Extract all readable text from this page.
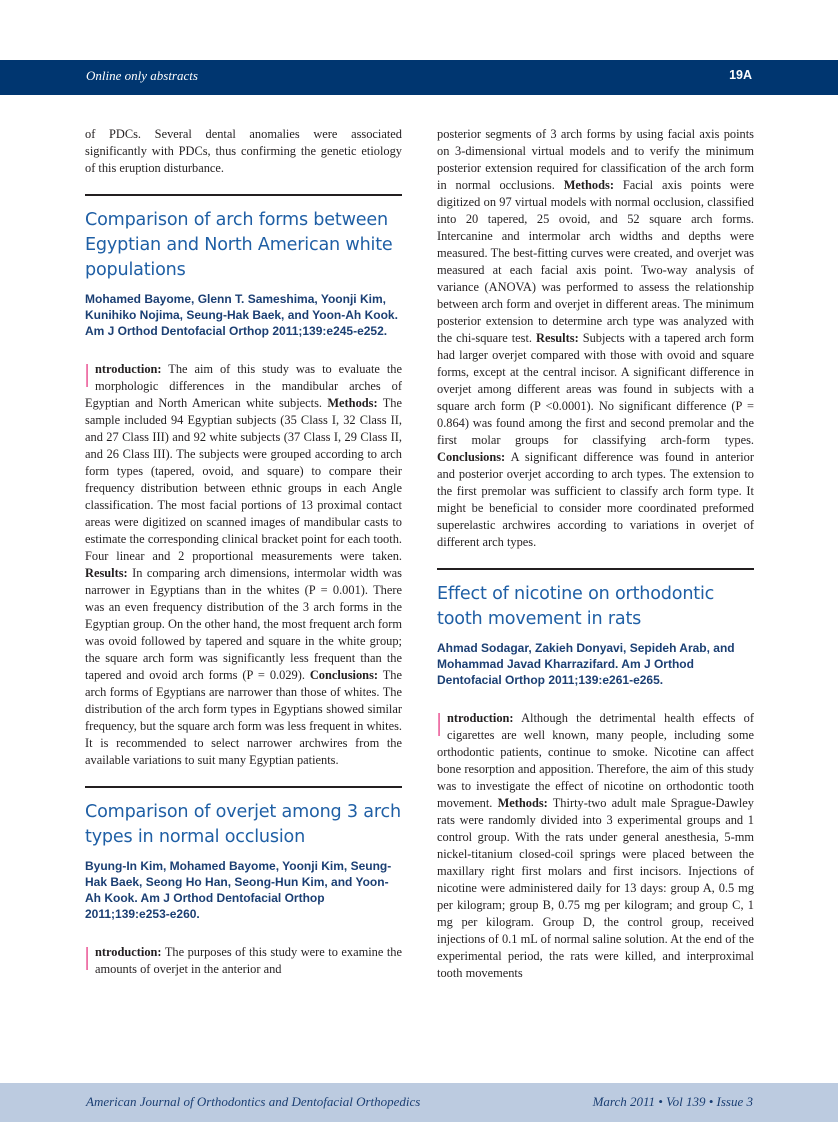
Online only abstracts	19A

of PDCs. Several dental anomalies were associated significantly with PDCs, thus confirming the genetic etiology of this eruption disturbance.

Comparison of arch forms between Egyptian and North American white populations
Mohamed Bayome, Glenn T. Sameshima, Yoonji Kim, Kunihiko Nojima, Seung-Hak Baek, and Yoon-Ah Kook. Am J Orthod Dentofacial Orthop 2011;139:e245-e252.

Introduction: The aim of this study was to evaluate the morphologic differences in the mandibular arches of Egyptian and North American white subjects. Methods: The sample included 94 Egyptian subjects (35 Class I, 32 Class II, and 27 Class III) and 92 white subjects (37 Class I, 29 Class II, and 26 Class III). The subjects were grouped according to arch form types (tapered, ovoid, and square) to compare their frequency distribution between ethnic groups in each Angle classification. The most facial portions of 13 proximal contact areas were digitized on scanned images of mandibular casts to estimate the corresponding clinical bracket point for each tooth. Four linear and 2 proportional measurements were taken. Results: In comparing arch dimensions, intermolar width was narrower in Egyptians than in the whites (P = 0.001). There was an even frequency distribution of the 3 arch forms in the Egyptian group. On the other hand, the most frequent arch form was ovoid followed by tapered and square in the white group; the square arch form was significantly less frequent than the tapered and ovoid arch forms (P = 0.029). Conclusions: The arch forms of Egyptians are narrower than those of whites. The distribution of the arch form types in Egyptians showed similar frequency, but the square arch form was less frequent in whites. It is recommended to select narrower archwires from the available variations to suit many Egyptian patients.

Comparison of overjet among 3 arch types in normal occlusion
Byung-In Kim, Mohamed Bayome, Yoonji Kim, Seung-Hak Baek, Seong Ho Han, Seong-Hun Kim, and Yoon-Ah Kook. Am J Orthod Dentofacial Orthop 2011;139:e253-e260.

Introduction: The purposes of this study were to examine the amounts of overjet in the anterior and

posterior segments of 3 arch forms by using facial axis points on 3-dimensional virtual models and to verify the minimum posterior extension required for classification of the arch form in normal occlusions. Methods: Facial axis points were digitized on 97 virtual models with normal occlusion, classified into 20 tapered, 25 ovoid, and 52 square arch forms. Intercanine and intermolar arch widths and depths were measured. The best-fitting curves were created, and overjet was measured at each facial axis point. Two-way analysis of variance (ANOVA) was performed to assess the relationship between arch form and overjet in different areas. The minimum posterior extension to determine arch type was analyzed with the chi-square test. Results: Subjects with a tapered arch form had larger overjet compared with those with ovoid and square forms, except at the central incisor. A significant difference in overjet among different areas was found in subjects with a square arch form (P <0.0001). No significant difference (P = 0.864) was found among the first and second premolar and the first molar groups for classifying arch-form types. Conclusions: A significant difference was found in anterior and posterior overjet according to arch types. The extension to the first premolar was sufficient to classify arch form type. It might be beneficial to consider more coordinated preformed superelastic archwires according to variations in overjet of different arch types.

Effect of nicotine on orthodontic tooth movement in rats
Ahmad Sodagar, Zakieh Donyavi, Sepideh Arab, and Mohammad Javad Kharrazifard. Am J Orthod Dentofacial Orthop 2011;139:e261-e265.

Introduction: Although the detrimental health effects of cigarettes are well known, many people, including some orthodontic patients, continue to smoke. Nicotine can affect bone resorption and apposition. Therefore, the aim of this study was to investigate the effect of nicotine on orthodontic tooth movement. Methods: Thirty-two adult male Sprague-Dawley rats were randomly divided into 3 experimental groups and 1 control group. With the rats under general anesthesia, 5-mm nickel-titanium closed-coil springs were placed between the maxillary right first molars and first incisors. Injections of nicotine were administered daily for 13 days: group A, 0.5 mg per kilogram; group B, 0.75 mg per kilogram; and group C, 1 mg per kilogram. Group D, the control group, received injections of 0.1 mL of normal saline solution. At the end of the experimental period, the rats were killed, and interproximal tooth movements

American Journal of Orthodontics and Dentofacial Orthopedics	March 2011 • Vol 139 • Issue 3
